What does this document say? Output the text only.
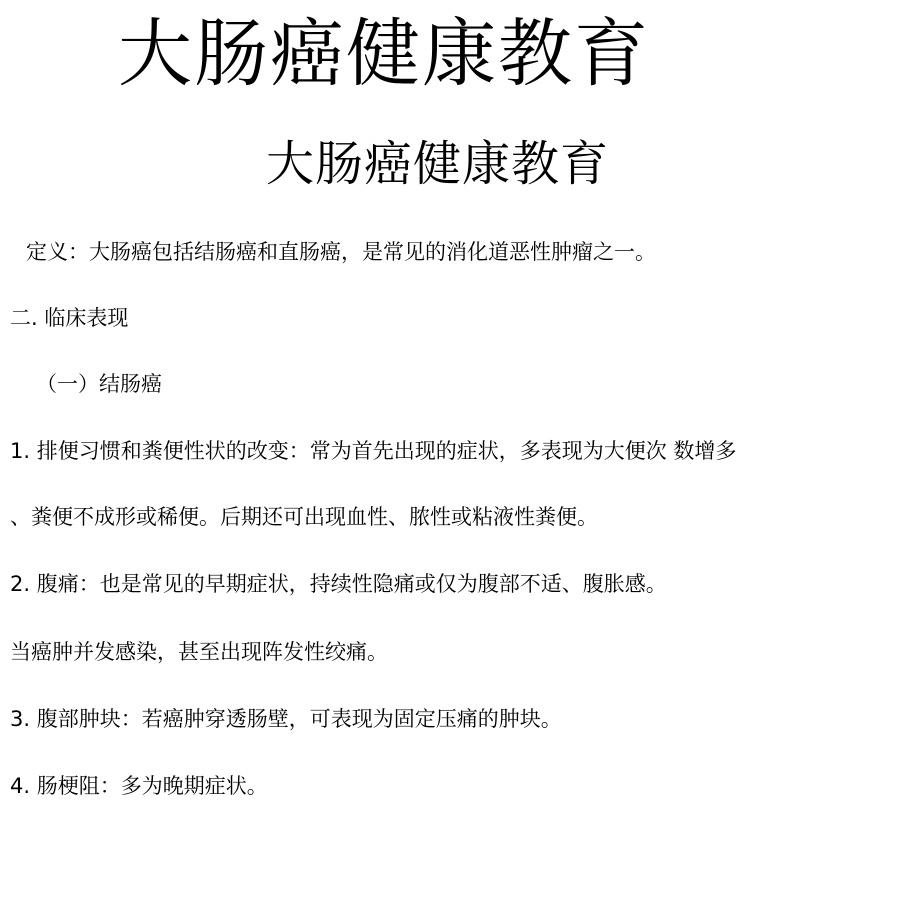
大肠癌健康教育
大肠癌健康教育

定义：大肠癌包括结肠癌和直肠癌，是常见的消化道恶性肿瘤之一。

二. 临床表现

（一）结肠癌

1. 排便习惯和粪便性状的改变：常为首先出现的症状，多表现为大便次 数增多

、粪便不成形或稀便。后期还可出现血性、脓性或粘液性粪便。

2. 腹痛：也是常见的早期症状，持续性隐痛或仅为腹部不适、腹胀感。

当癌肿并发感染，甚至出现阵发性绞痛。

3. 腹部肿块：若癌肿穿透肠壁，可表现为固定压痛的肿块。

4. 肠梗阻：多为晚期症状。
